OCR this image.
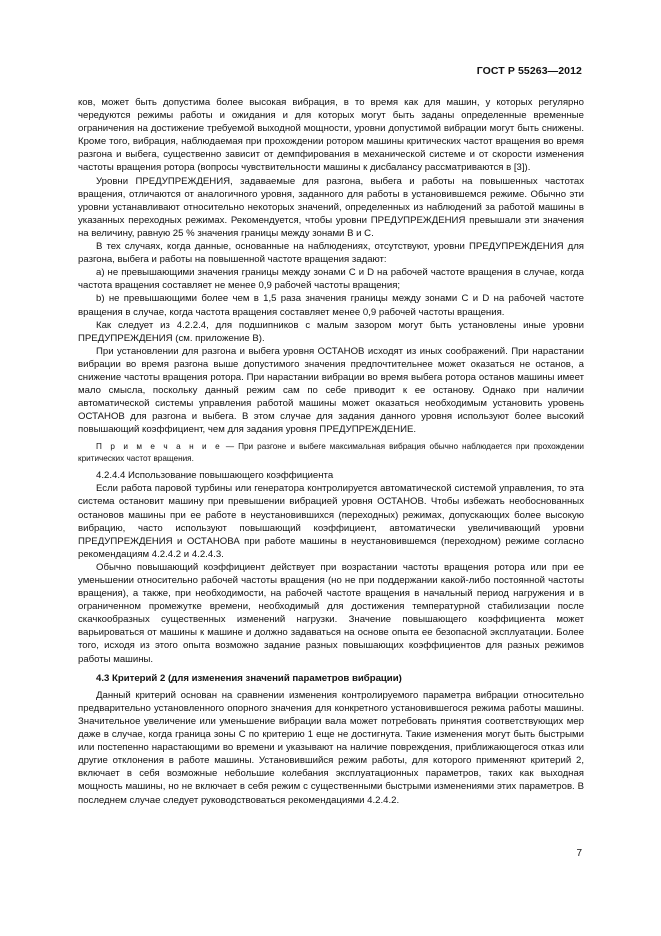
ГОСТ Р 55263—2012

ков, может быть допустима более высокая вибрация, в то время как для машин, у которых регулярно чередуются режимы работы и ожидания и для которых могут быть заданы определенные временные ограничения на достижение требуемой выходной мощности, уровни допустимой вибрации могут быть снижены. Кроме того, вибрация, наблюдаемая при прохождении ротором машины критических частот вращения во время разгона и выбега, существенно зависит от демпфирования в механической системе и от скорости изменения частоты вращения ротора (вопросы чувствительности машины к дисбалансу рассматриваются в [3]).

Уровни ПРЕДУПРЕЖДЕНИЯ, задаваемые для разгона, выбега и работы на повышенных частотах вращения, отличаются от аналогичного уровня, заданного для работы в установившемся режиме. Обычно эти уровни устанавливают относительно некоторых значений, определенных из наблюдений за работой машины в указанных переходных режимах. Рекомендуется, чтобы уровни ПРЕДУПРЕЖДЕНИЯ превышали эти значения на величину, равную 25 % значения границы между зонами В и С.

В тех случаях, когда данные, основанные на наблюдениях, отсутствуют, уровни ПРЕДУПРЕЖДЕНИЯ для разгона, выбега и работы на повышенной частоте вращения задают:

а) не превышающими значения границы между зонами С и D на рабочей частоте вращения в случае, когда частота вращения составляет не менее 0,9 рабочей частоты вращения;

b) не превышающими более чем в 1,5 раза значения границы между зонами С и D на рабочей частоте вращения в случае, когда частота вращения составляет менее 0,9 рабочей частоты вращения.

Как следует из 4.2.2.4, для подшипников с малым зазором могут быть установлены иные уровни ПРЕДУПРЕЖДЕНИЯ (см. приложение В).

При установлении для разгона и выбега уровня ОСТАНОВ исходят из иных соображений. При нарастании вибрации во время разгона выше допустимого значения предпочтительнее может оказаться не останов, а снижение частоты вращения ротора. При нарастании вибрации во время выбега ротора останов машины имеет мало смысла, поскольку данный режим сам по себе приводит к ее останову. Однако при наличии автоматической системы управления работой машины может оказаться необходимым установить уровень ОСТАНОВ для разгона и выбега. В этом случае для задания данного уровня используют более высокий повышающий коэффициент, чем для задания уровня ПРЕДУПРЕЖДЕНИЕ.

П р и м е ч а н и е — При разгоне и выбеге максимальная вибрация обычно наблюдается при прохождении критических частот вращения.

4.2.4.4 Использование повышающего коэффициента

Если работа паровой турбины или генератора контролируется автоматической системой управления, то эта система остановит машину при превышении вибрацией уровня ОСТАНОВ. Чтобы избежать необоснованных остановов машины при ее работе в неустановившихся (переходных) режимах, допускающих более высокую вибрацию, часто используют повышающий коэффициент, автоматически увеличивающий уровни ПРЕДУПРЕЖДЕНИЯ и ОСТАНОВА при работе машины в неустановившемся (переходном) режиме согласно рекомендациям 4.2.4.2 и 4.2.4.3.

Обычно повышающий коэффициент действует при возрастании частоты вращения ротора или при ее уменьшении относительно рабочей частоты вращения (но не при поддержании какой-либо постоянной частоты вращения), а также, при необходимости, на рабочей частоте вращения в начальный период нагружения и в ограниченном промежутке времени, необходимый для достижения температурной стабилизации после скачкообразных существенных изменений нагрузки. Значение повышающего коэффициента может варьироваться от машины к машине и должно задаваться на основе опыта ее безопасной эксплуатации. Более того, исходя из этого опыта возможно задание разных повышающих коэффициентов для разных режимов работы машины.

4.3 Критерий 2 (для изменения значений параметров вибрации)

Данный критерий основан на сравнении изменения контролируемого параметра вибрации относительно предварительно установленного опорного значения для конкретного установившегося режима работы машины. Значительное увеличение или уменьшение вибрации вала может потребовать принятия соответствующих мер даже в случае, когда граница зоны С по критерию 1 еще не достигнута. Такие изменения могут быть быстрыми или постепенно нарастающими во времени и указывают на наличие повреждения, приближающегося отказ или другие отклонения в работе машины. Установившийся режим работы, для которого применяют критерий 2, включает в себя возможные небольшие колебания эксплуатационных параметров, таких как выходная мощность машины, но не включает в себя режим с существенными быстрыми изменениями этих параметров. В последнем случае следует руководствоваться рекомендациями 4.2.4.2.

7
